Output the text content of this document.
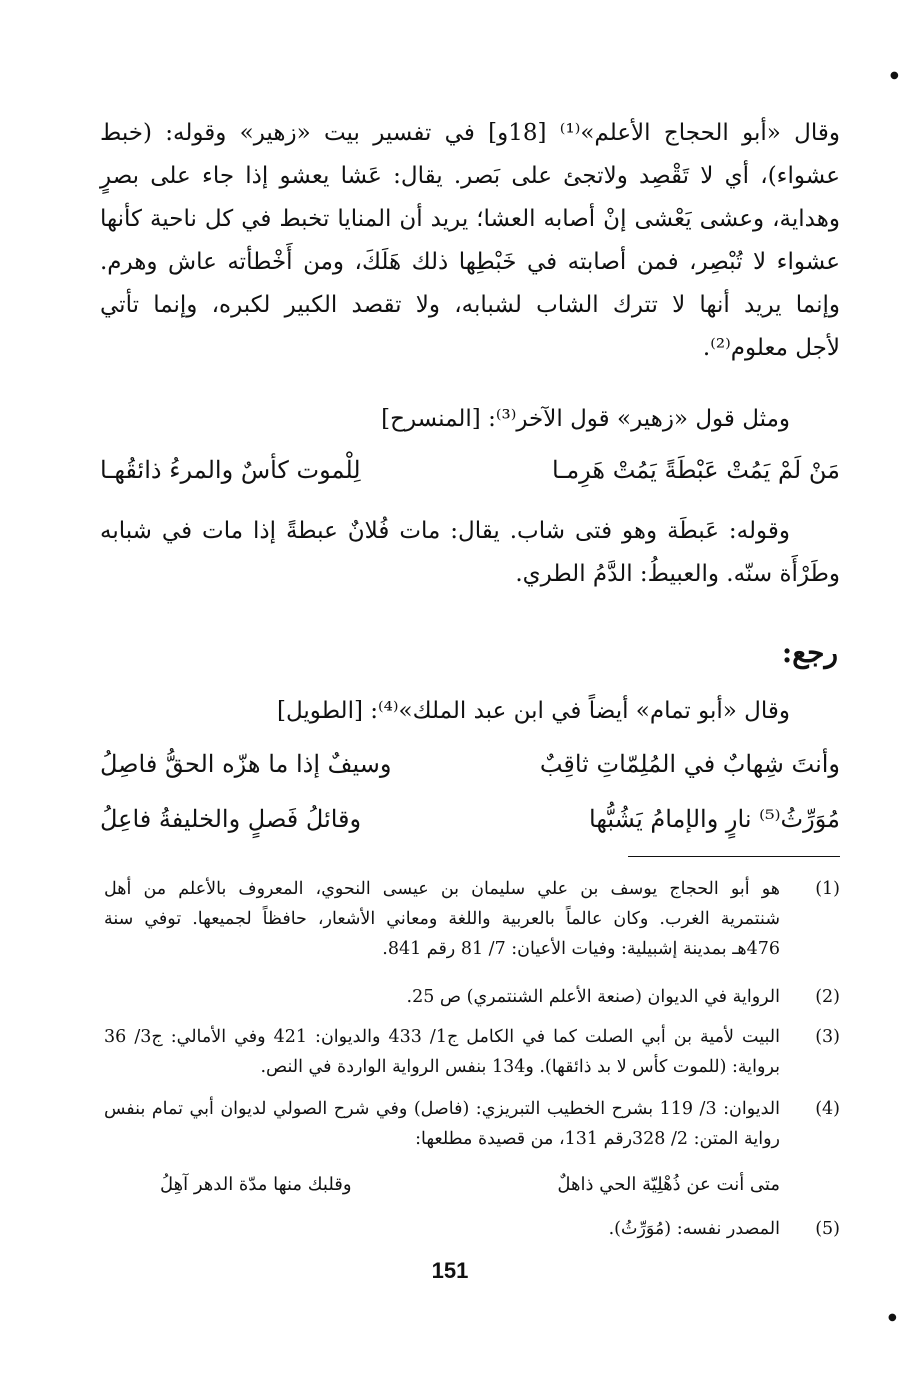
وقال «أبو الحجاج الأعلم»⁽¹⁾ [18و] في تفسير بيت «زهير» وقوله: (خبط
عشواء)، أي لا تَقْصِد ولاتجئ على بَصر. يقال: عَشا يعشو إذا جاء على بصرٍ
وهداية، وعشى يَعْشى إنْ أصابه العشا؛ يريد أن المنايا تخبط في كل ناحية كأنها
عشواء لا تُبْصِر، فمن أصابته في خَبْطِها ذلك هَلَكَ، ومن أَخْطأته عاش وهرم.
وإنما يريد أنها لا تترك الشاب لشبابه، ولا تقصد الكبير لكبره، وإنما تأتي
لأجل معلوم⁽²⁾.
ومثل قول «زهير» قول الآخر⁽³⁾: [المنسرح]
مَنْ لَمْ يَمُتْ عَبْطَةً يَمُتْ هَرِمـا
لِلْموت كأسٌ والمرءُ ذائقُهـا
وقوله: عَبطَة وهو فتى شاب. يقال: مات فُلانٌ عبطةً إذا مات في شبابه
وطَرْأَة سنّه. والعبيطُ: الدَّمُ الطري.
رجع:
وقال «أبو تمام» أيضاً في ابن عبد الملك»⁽⁴⁾: [الطويل]
وأنتَ شِهابٌ في المُلِمّاتِ ثاقِبٌ
وسيفٌ إذا ما هزّه الحقُّ فاصِلُ
مُوَرِّثُ⁽⁵⁾ نارٍ والإمامُ يَشُبُّها
وقائلُ فَصلٍ والخليفةُ فاعِلُ
(1)
هو أبو الحجاج يوسف بن علي سليمان بن عيسى النحوي، المعروف بالأعلم من أهل
شنتمرية الغرب. وكان عالماً بالعربية واللغة ومعاني الأشعار، حافظاً لجميعها. توفي سنة
476هـ بمدينة إشبيلية: وفيات الأعيان: 7/ 81 رقم 841.
(2)
الرواية في الديوان (صنعة الأعلم الشنتمري) ص 25.
(3)
البيت لأمية بن أبي الصلت كما في الكامل ج1/ 433 والديوان: 421 وفي الأمالي: ج3/ 36
برواية: (للموت كأس لا بد ذائقها). و134 بنفس الرواية الواردة في النص.
(4)
الديوان: 3/ 119 بشرح الخطيب التبريزي: (فاصل) وفي شرح الصولي لديوان أبي تمام بنفس
رواية المتن: 2/ 328رقم 131، من قصيدة مطلعها:
متى أنت عن ذُهْلِيّة الحي ذاهلٌ
وقلبك منها مدّة الدهر آهِلُ
(5)
المصدر نفسه: (مُوَرِّثُ).
151
●
●
